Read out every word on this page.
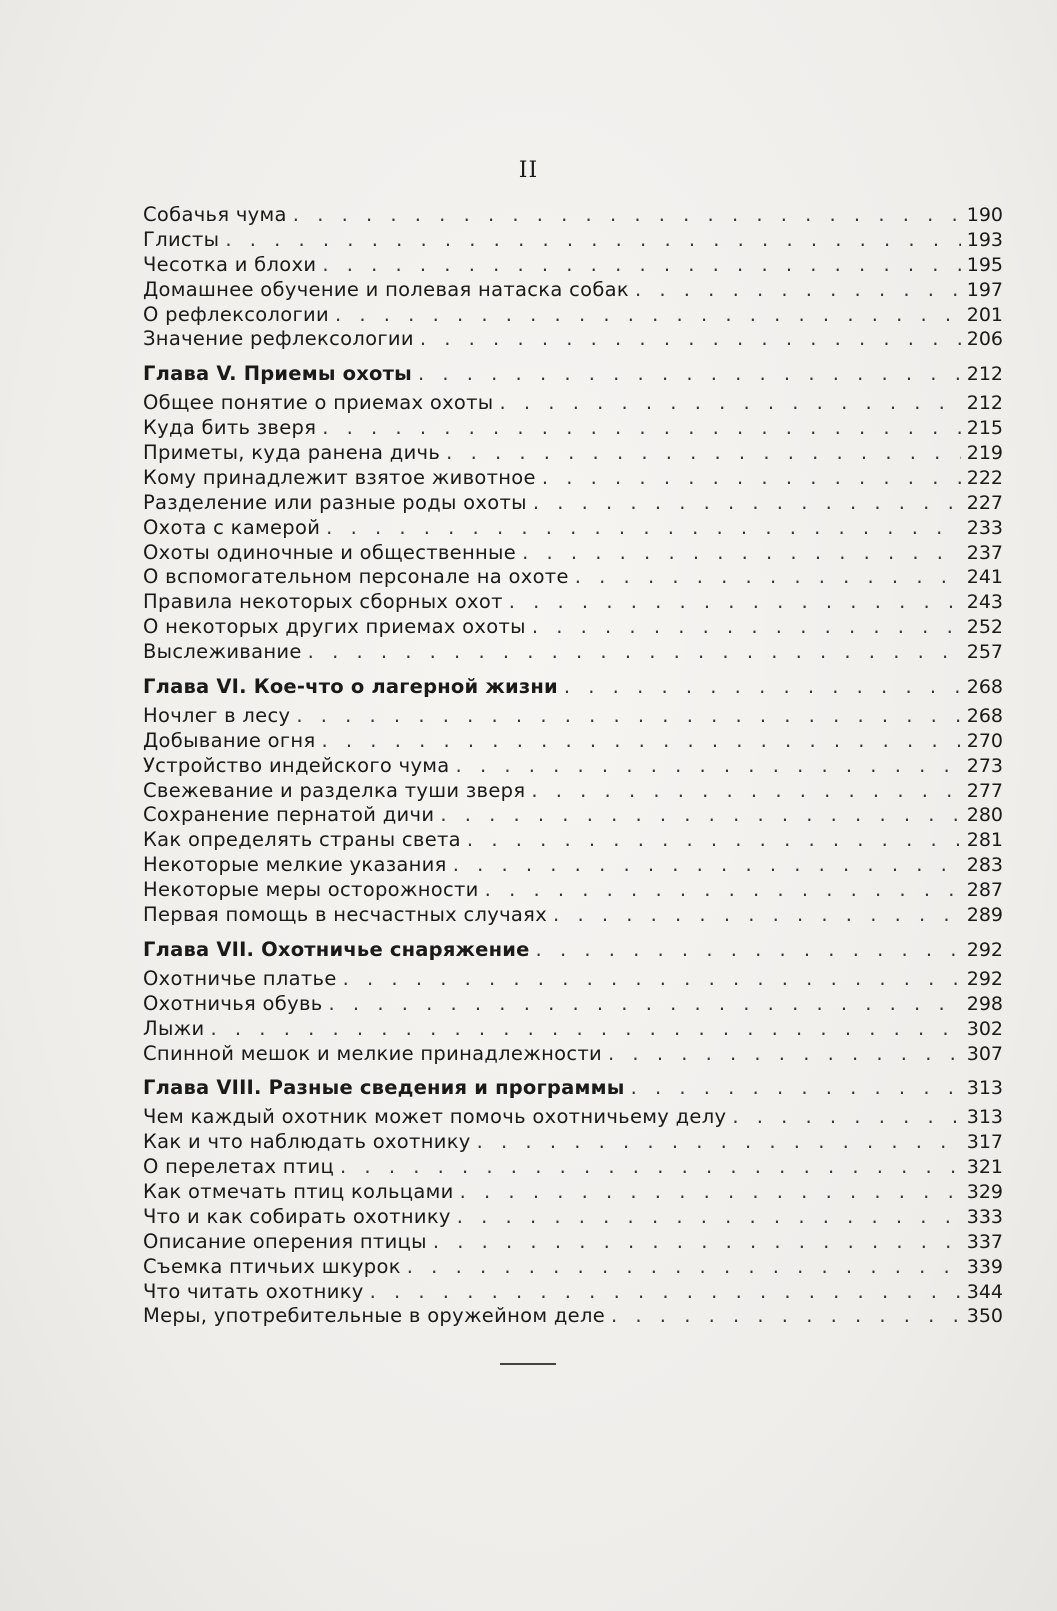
II
Собачья чума . . .	190
Глисты . . .	193
Чесотка и блохи . . .	195
Домашнее обучение и полевая натаска собак . . .	197
О рефлексологии . . .	201
Значение рефлексологии . . .	206
Глава V. Приемы охоты . . .	212
Общее понятие о приемах охоты . . .	212
Куда бить зверя . . .	215
Приметы, куда ранена дичь . . .	219
Кому принадлежит взятое животное . . .	222
Разделение или разные роды охоты . . .	227
Охота с камерой . . .	233
Охоты одиночные и общественные . . .	237
О вспомогательном персонале на охоте . . .	241
Правила некоторых сборных охот . . .	243
О некоторых других приемах охоты . . .	252
Выслеживание . . .	257
Глава VI. Кое-что о лагерной жизни . . .	268
Ночлег в лесу . . .	268
Добывание огня . . .	270
Устройство индейского чума . . .	273
Свежевание и разделка туши зверя . . .	277
Сохранение пернатой дичи . . .	280
Как определять страны света . . .	281
Некоторые мелкие указания . . .	283
Некоторые меры осторожности . . .	287
Первая помощь в несчастных случаях . . .	289
Глава VII. Охотничье снаряжение . . .	292
Охотничье платье . . .	292
Охотничья обувь . . .	298
Лыжи . . .	302
Спинной мешок и мелкие принадлежности . . .	307
Глава VIII. Разные сведения и программы . . .	313
Чем каждый охотник может помочь охотничьему делу . . .	313
Как и что наблюдать охотнику . . .	317
О перелетах птиц . . .	321
Как отмечать птиц кольцами . . .	329
Что и как собирать охотнику . . .	333
Описание оперения птицы . . .	337
Съемка птичьих шкурок . . .	339
Что читать охотнику . . .	344
Меры, употребительные в оружейном деле . . .	350
